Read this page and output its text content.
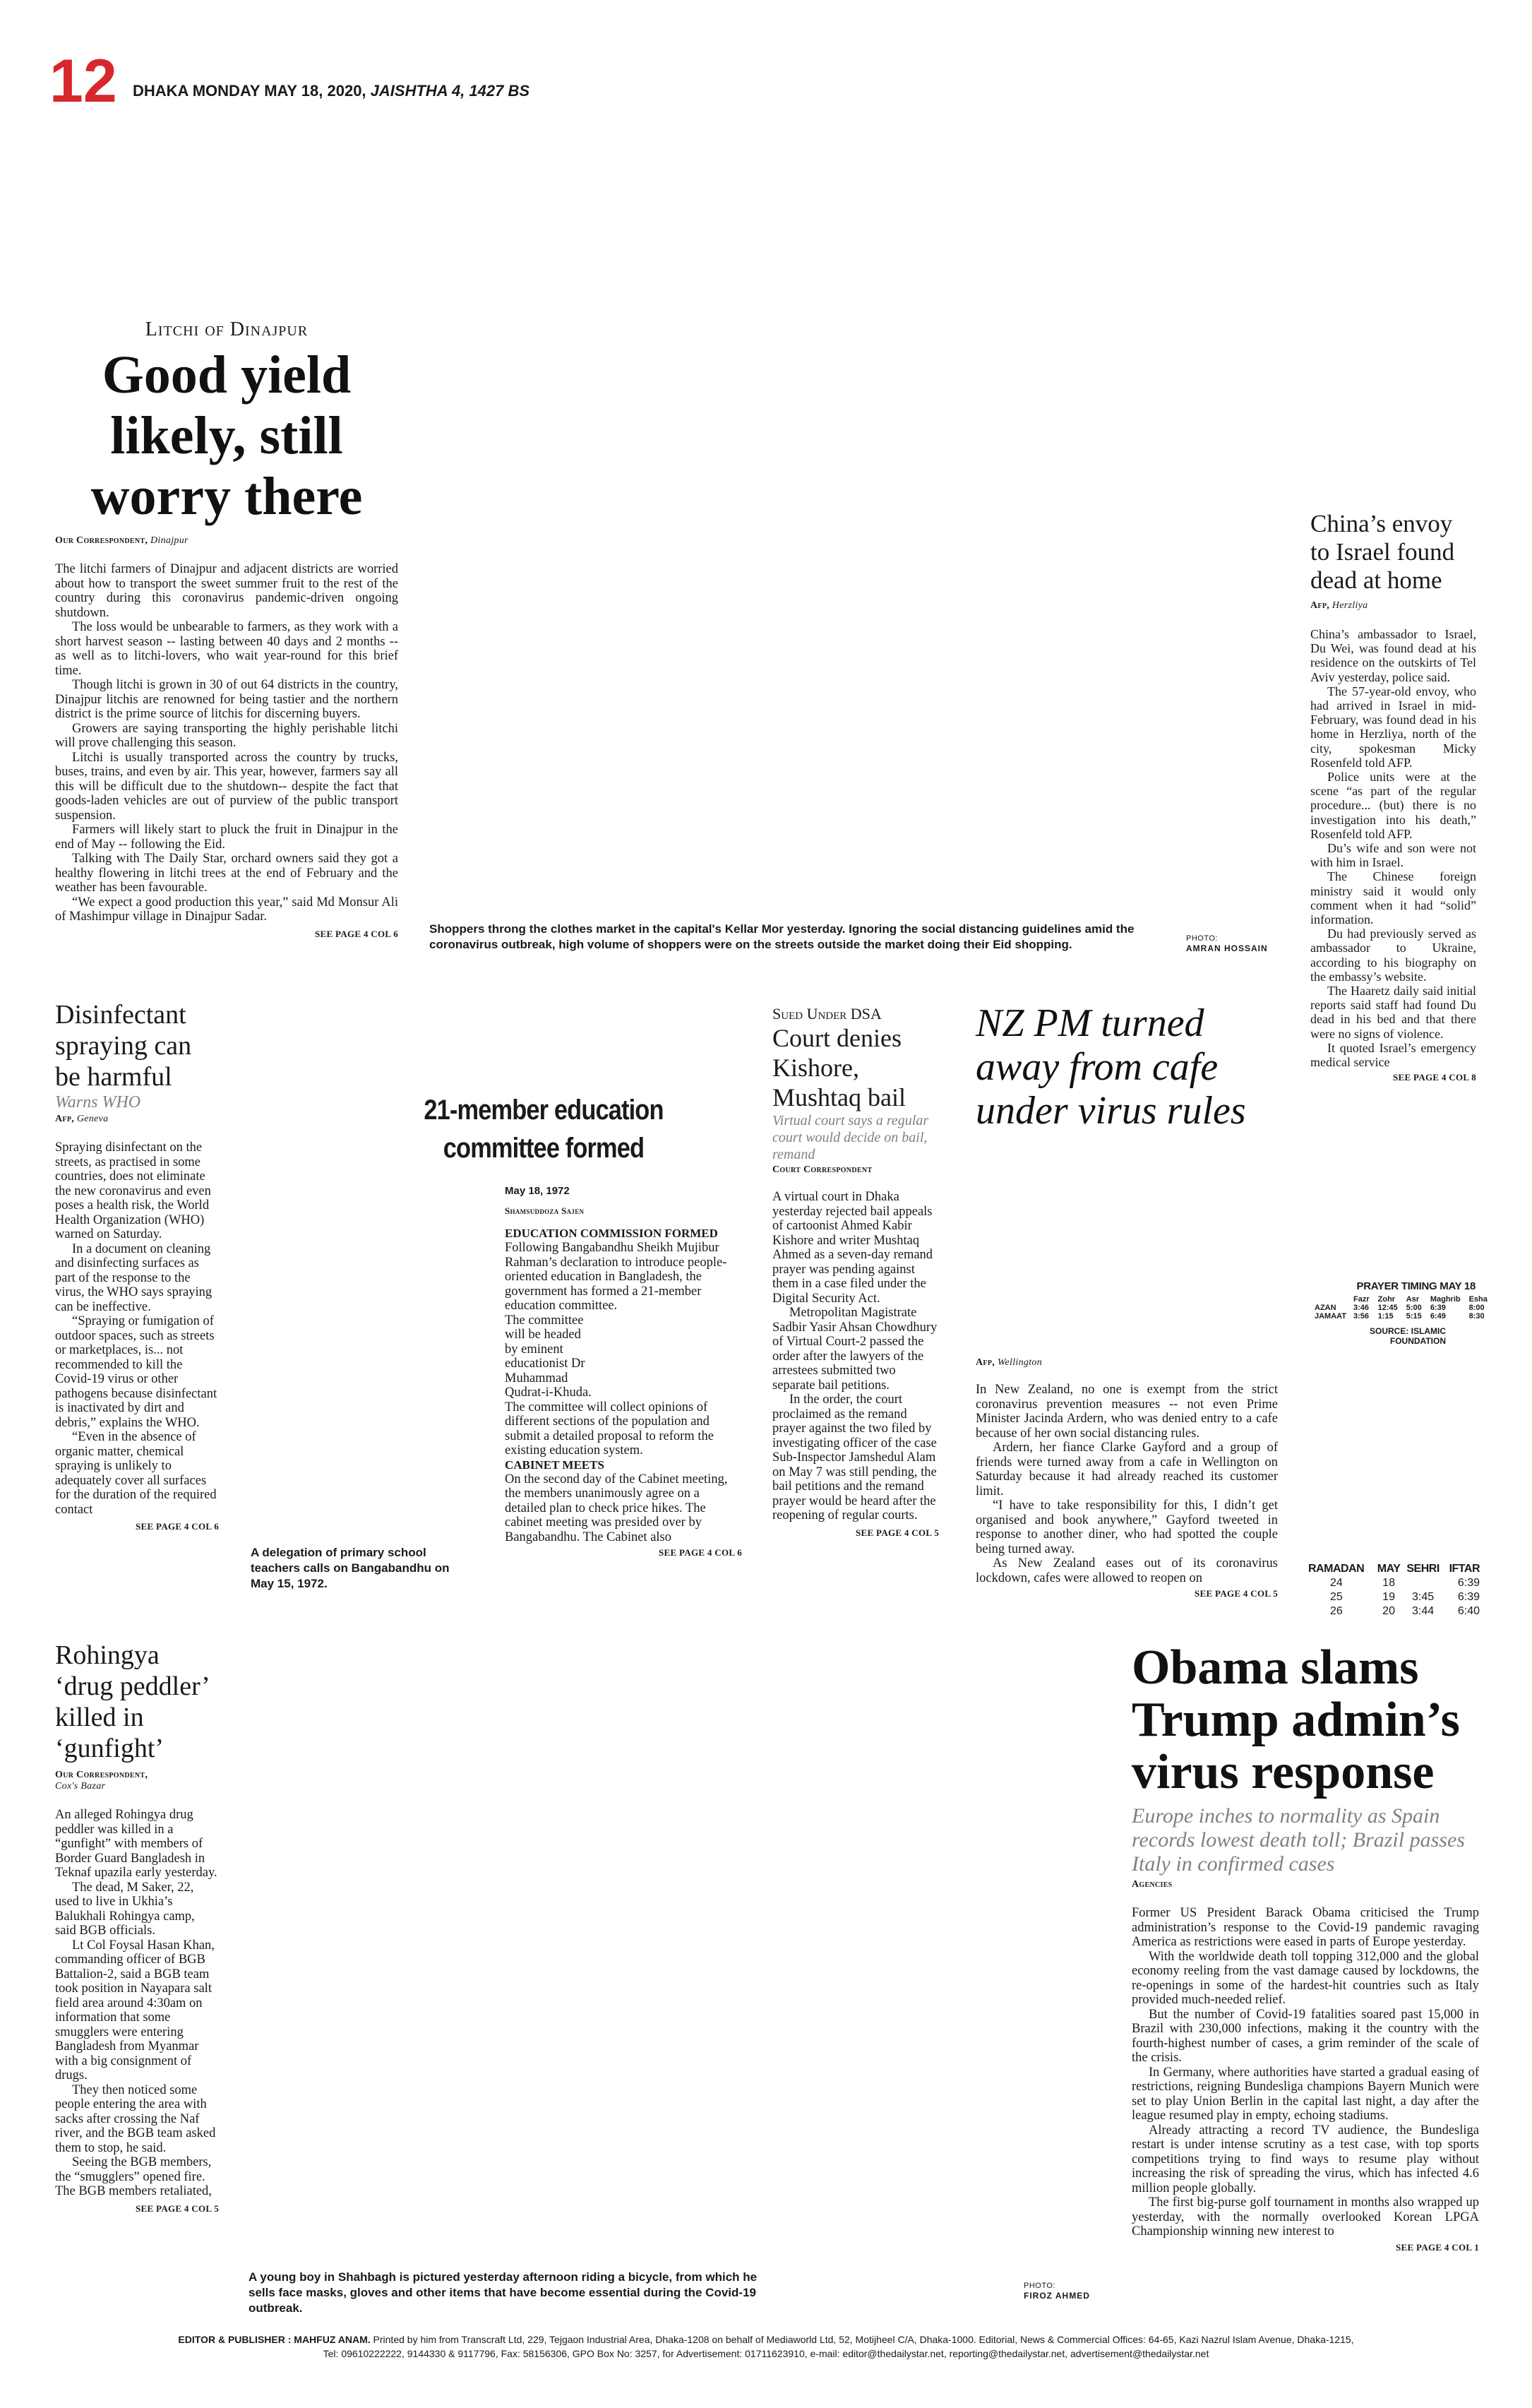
12 DHAKA MONDAY MAY 18, 2020, JAISHTHA 4, 1427 BS
Litchi of Dinajpur
Good yield
likely, still
worry there
Our Correspondent, Dinajpur

The litchi farmers of Dinajpur and adjacent districts are worried about how to transport the sweet summer fruit to the rest of the country during this coronavirus pandemic-driven ongoing shutdown.

The loss would be unbearable to farmers, as they work with a short harvest season -- lasting between 40 days and 2 months -- as well as to litchi-lovers, who wait year-round for this brief time.

Though litchi is grown in 30 of out 64 districts in the country, Dinajpur litchis are renowned for being tastier and the northern district is the prime source of litchis for discerning buyers.

Growers are saying transporting the highly perishable litchi will prove challenging this season.

Litchi is usually transported across the country by trucks, buses, trains, and even by air. This year, however, farmers say all this will be difficult due to the shutdown-- despite the fact that goods-laden vehicles are out of purview of the public transport suspension.

Farmers will likely start to pluck the fruit in Dinajpur in the end of May -- following the Eid.

Talking with The Daily Star, orchard owners said they got a healthy flowering in litchi trees at the end of February and the weather has been favourable.

“We expect a good production this year,” said Md Monsur Ali of Mashimpur village in Dinajpur Sadar.

SEE PAGE 4 COL 6	Shoppers throng the clothes market in the capital's Kellar Mor yesterday. Ignoring the social distancing guidelines amid the coronavirus outbreak, high volume of shoppers were on the streets outside the market doing their Eid shopping.	PHOTO:
AMRAN HOSSAIN
China’s envoy
to Israel found
dead at home
Afp, Herzliya

China’s ambassador to Israel, Du Wei, was found dead at his residence on the outskirts of Tel Aviv yesterday, police said.

The 57-year-old envoy, who had arrived in Israel in mid-February, was found dead in his home in Herzliya, north of the city, spokesman Micky Rosenfeld told AFP.

Police units were at the scene “as part of the regular procedure... (but) there is no investigation into his death,” Rosenfeld told AFP.

Du’s wife and son were not with him in Israel.

The Chinese foreign ministry said it would only comment when it had “solid” information.

Du had previously served as ambassador to Ukraine, according to his biography on the embassy’s website.

The Haaretz daily said initial reports said staff had found Du dead in his bed and that there were no signs of violence.

It quoted Israel’s emergency medical service

SEE PAGE 4 COL 8
Disinfectant
spraying can
be harmful
Warns WHO
Afp, Geneva

Spraying disinfectant on the streets, as practised in some countries, does not eliminate the new coronavirus and even poses a health risk, the World Health Organization (WHO) warned on Saturday.

In a document on cleaning and disinfecting surfaces as part of the response to the virus, the WHO says spraying can be ineffective.

“Spraying or fumigation of outdoor spaces, such as streets or marketplaces, is... not recommended to kill the Covid-19 virus or other pathogens because disinfectant is inactivated by dirt and debris,” explains the WHO.

“Even in the absence of organic matter, chemical spraying is unlikely to adequately cover all surfaces for the duration of the required contact

SEE PAGE 4 COL 6
21-member education
committee formed
May 18, 1972
Shamsuddoza Sajen
EDUCATION COMMISSION FORMED

Following Bangabandhu Sheikh Mujibur Rahman’s declaration to introduce people-oriented education in Bangladesh, the government has formed a 21-member education committee.

The committee

will be headed

by eminent

educationist Dr

Muhammad

Qudrat-i-Khuda.

The committee will collect opinions of different sections of the population and submit a detailed proposal to reform the existing education system.

CABINET MEETS

On the second day of the Cabinet meeting, the members unanimously agree on a detailed plan to check price hikes. The cabinet meeting was presided over by Bangabandhu. The Cabinet also

SEE PAGE 4 COL 6
A delegation of primary school teachers calls on Bangabandhu on May 15, 1972.
Sued Under DSA
Court denies
Kishore,
Mushtaq bail
Virtual court says a regular court would decide on bail, remand
Court Correspondent

A virtual court in Dhaka yesterday rejected bail appeals of cartoonist Ahmed Kabir Kishore and writer Mushtaq Ahmed as a seven-day remand prayer was pending against them in a case filed under the Digital Security Act.

Metropolitan Magistrate Sadbir Yasir Ahsan Chowdhury of Virtual Court-2 passed the order after the lawyers of the arrestees submitted two separate bail petitions.

In the order, the court proclaimed as the remand prayer against the two filed by investigating officer of the case Sub-Inspector Jamshedul Alam on May 7 was still pending, the bail petitions and the remand prayer would be heard after the reopening of regular courts.

SEE PAGE 4 COL 5
NZ PM turned
away from cafe
under virus rules
Afp, Wellington

In New Zealand, no one is exempt from the strict coronavirus prevention measures -- not even Prime Minister Jacinda Ardern, who was denied entry to a cafe because of her own social distancing rules.

Ardern, her fiance Clarke Gayford and a group of friends were turned away from a cafe in Wellington on Saturday because it had already reached its customer limit.

“I have to take responsibility for this, I didn’t get organised and book anywhere,” Gayford tweeted in response to another diner, who had spotted the couple being turned away.

As New Zealand eases out of its coronavirus lockdown, cafes were allowed to reopen on

SEE PAGE 4 COL 5
PRAYER TIMING MAY 18
	Fazr	Zohr	Asr	Maghrib	Esha
AZAN	3:46	12:45	5:00	6:39	8:00
JAMAAT	3:56	1:15	5:15	6:49	8:30
SOURCE: ISLAMIC FOUNDATION
RAMADAN	MAY	SEHRI	IFTAR
24	18		6:39
25	19	3:45	6:39
26	20	3:44	6:40
Rohingya
‘drug peddler’
killed in
‘gunfight’
Our Correspondent,
Cox's Bazar

An alleged Rohingya drug peddler was killed in a “gunfight” with members of Border Guard Bangladesh in Teknaf upazila early yesterday.

The dead, M Saker, 22, used to live in Ukhia’s Balukhali Rohingya camp, said BGB officials.

Lt Col Foysal Hasan Khan, commanding officer of BGB Battalion-2, said a BGB team took position in Nayapara salt field area around 4:30am on information that some smugglers were entering Bangladesh from Myanmar with a big consignment of drugs.

They then noticed some people entering the area with sacks after crossing the Naf river, and the BGB team asked them to stop, he said.

Seeing the BGB members, the “smugglers” opened fire. The BGB members retaliated,

SEE PAGE 4 COL 5
Obama slams
Trump admin’s
virus response
Europe inches to normality as Spain records lowest death toll; Brazil passes Italy in confirmed cases
Agencies

Former US President Barack Obama criticised the Trump administration’s response to the Covid-19 pandemic ravaging America as restrictions were eased in parts of Europe yesterday.

With the worldwide death toll topping 312,000 and the global economy reeling from the vast damage caused by lockdowns, the re-openings in some of the hardest-hit countries such as Italy provided much-needed relief.

But the number of Covid-19 fatalities soared past 15,000 in Brazil with 230,000 infections, making it the country with the fourth-highest number of cases, a grim reminder of the scale of the crisis.

In Germany, where authorities have started a gradual easing of restrictions, reigning Bundesliga champions Bayern Munich were set to play Union Berlin in the capital last night, a day after the league resumed play in empty, echoing stadiums.

Already attracting a record TV audience, the Bundesliga restart is under intense scrutiny as a test case, with top sports competitions trying to find ways to resume play without increasing the risk of spreading the virus, which has infected 4.6 million people globally.

The first big-purse golf tournament in months also wrapped up yesterday, with the normally overlooked Korean LPGA Championship winning new interest to

SEE PAGE 4 COL 1
A young boy in Shahbagh is pictured yesterday afternoon riding a bicycle, from which he sells face masks, gloves and other items that have become essential during the Covid-19 outbreak.
PHOTO:
FIROZ AHMED
EDITOR & PUBLISHER : MAHFUZ ANAM. Printed by him from Transcraft Ltd, 229, Tejgaon Industrial Area, Dhaka-1208 on behalf of Mediaworld Ltd, 52, Motijheel C/A, Dhaka-1000. Editorial, News & Commercial Offices: 64-65, Kazi Nazrul Islam Avenue, Dhaka-1215,
Tel: 09610222222, 9144330 & 9117796, Fax: 58156306, GPO Box No: 3257, for Advertisement: 01711623910, e-mail: editor@thedailystar.net, reporting@thedailystar.net, advertisement@thedailystar.net
